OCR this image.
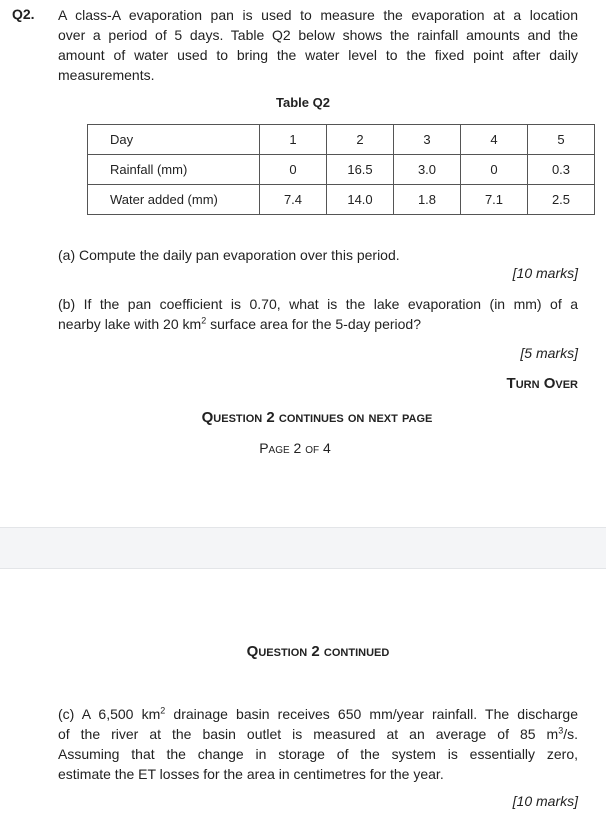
Q2. A class-A evaporation pan is used to measure the evaporation at a location
over a period of 5 days. Table Q2 below shows the rainfall amounts and the
amount of water used to bring the water level to the fixed point after daily
measurements.
Table Q2
Day	1	2	3	4	5
Rainfall (mm)	0	16.5	3.0	0	0.3
Water added (mm)	7.4	14.0	1.8	7.1	2.5
(a) Compute the daily pan evaporation over this period.
[10 marks]
(b) If the pan coefficient is 0.70, what is the lake evaporation (in mm) of a
nearby lake with 20 $km^2$ surface area for the 5-day period?
[5 marks]
Turn Over
Question 2 continues on next page
Page 2 of 4
Question 2 continued
(c) A 6,500 $km^2$ drainage basin receives 650 mm/year rainfall. The discharge
of the river at the basin outlet is measured at an average of 85 $m^3/s$.
Assuming that the change in storage of the system is essentially zero,
estimate the ET losses for the area in centimetres for the year.
[10 marks]
